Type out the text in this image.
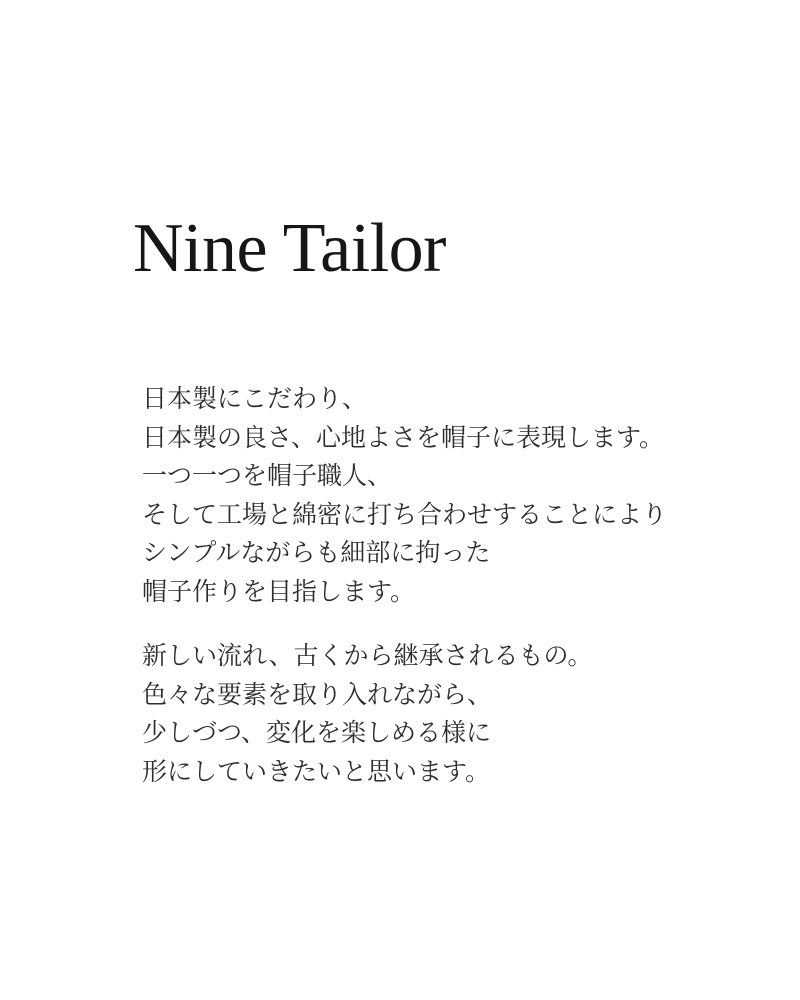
Nine Tailor

日本製にこだわり、
日本製の良さ、心地よさを帽子に表現します。
一つ一つを帽子職人、
そして工場と綿密に打ち合わせすることにより
シンプルながらも細部に拘った
帽子作りを目指します。

新しい流れ、古くから継承されるもの。
色々な要素を取り入れながら、
少しづつ、変化を楽しめる様に
形にしていきたいと思います。
